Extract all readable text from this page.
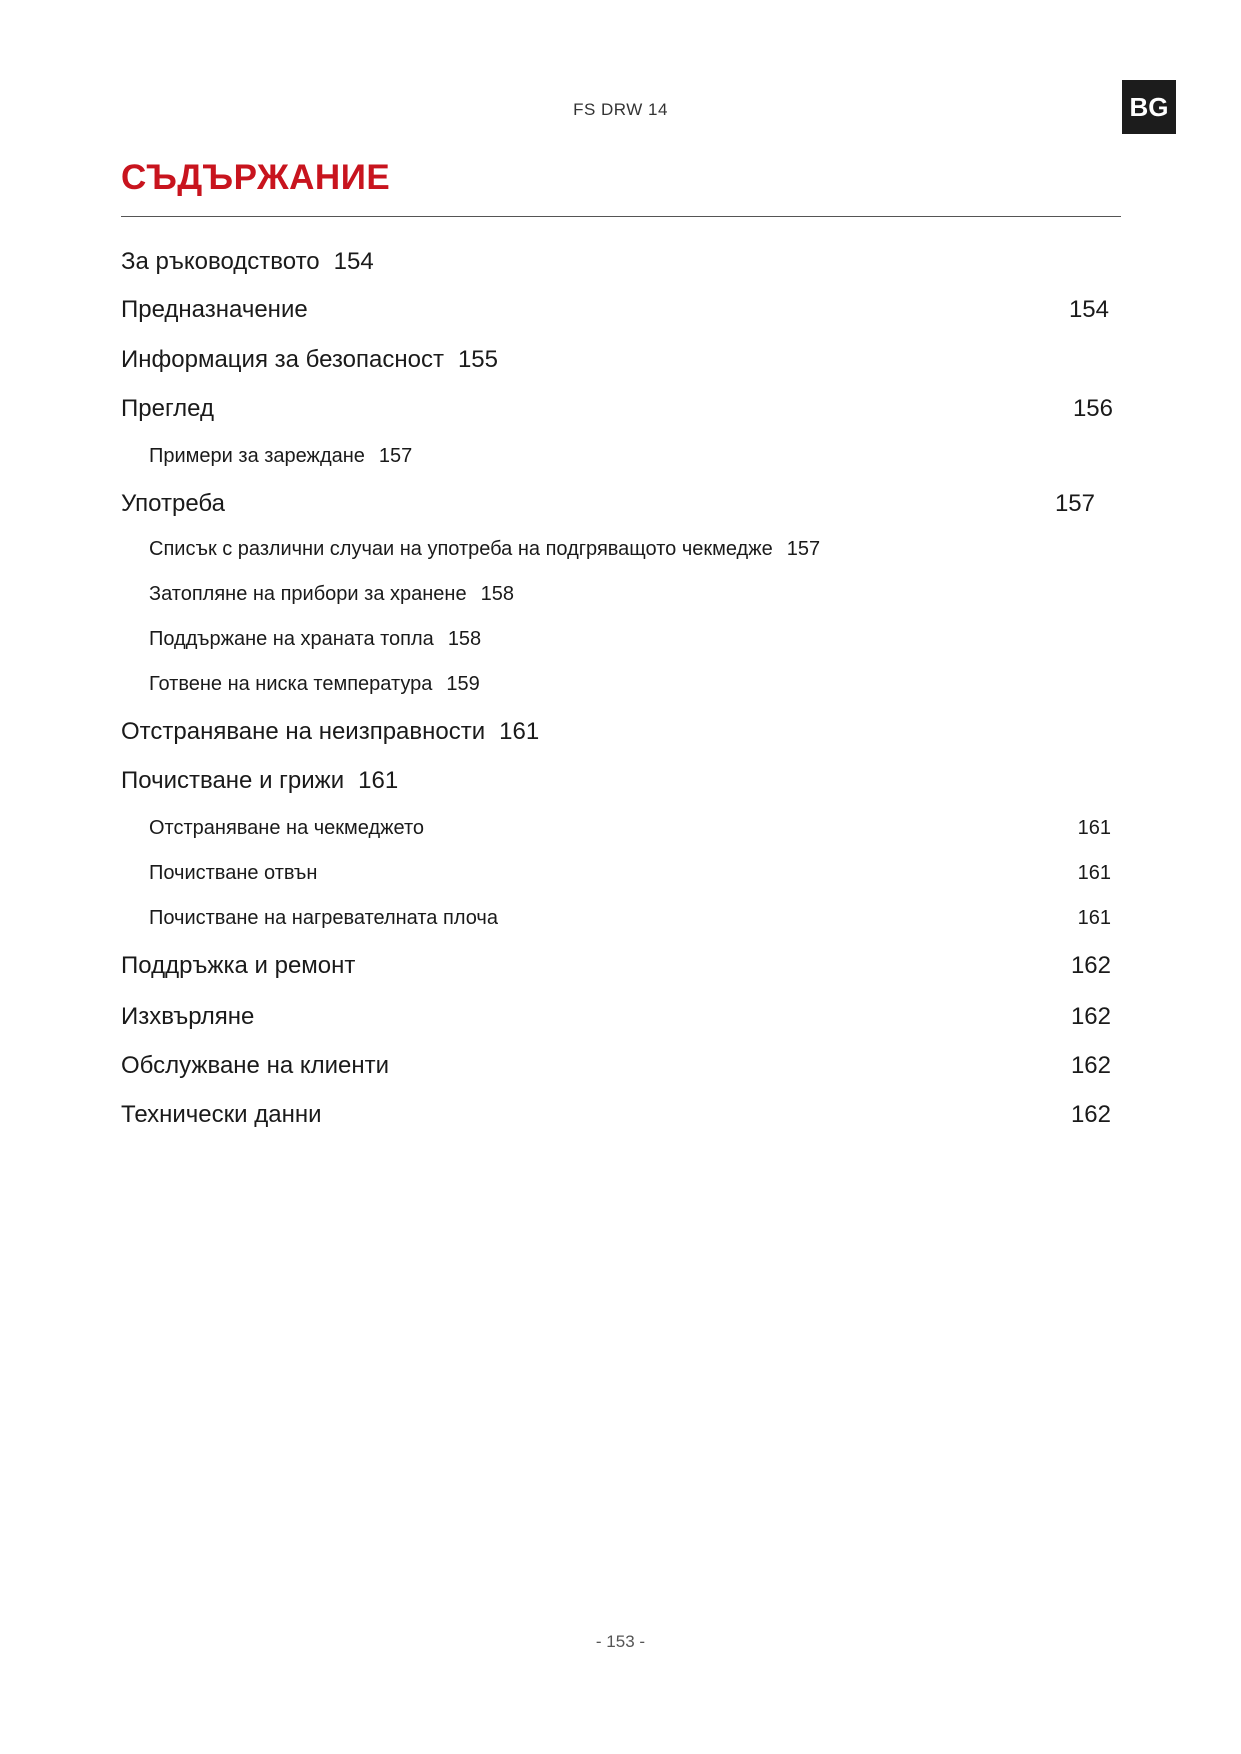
FS DRW 14	BG
СЪДЪРЖАНИЕ
За ръководството 154
Предназначение	154
Информация за безопасност 155
Преглед	156
Примери за зареждане 157
Употреба	157
Списък с различни случаи на употреба на подгряващото чекмедже 157
Затопляне на прибори за хранене 158
Поддържане на храната топла 158
Готвене на ниска температура 159
Отстраняване на неизправности 161
Почистване и грижи 161
Отстраняване на чекмеджето	161
Почистване отвън	161
Почистване на нагревателната плоча	161
Поддръжка и ремонт	162
Изхвърляне	162
Обслужване на клиенти	162
Технически данни	162
- 153 -
